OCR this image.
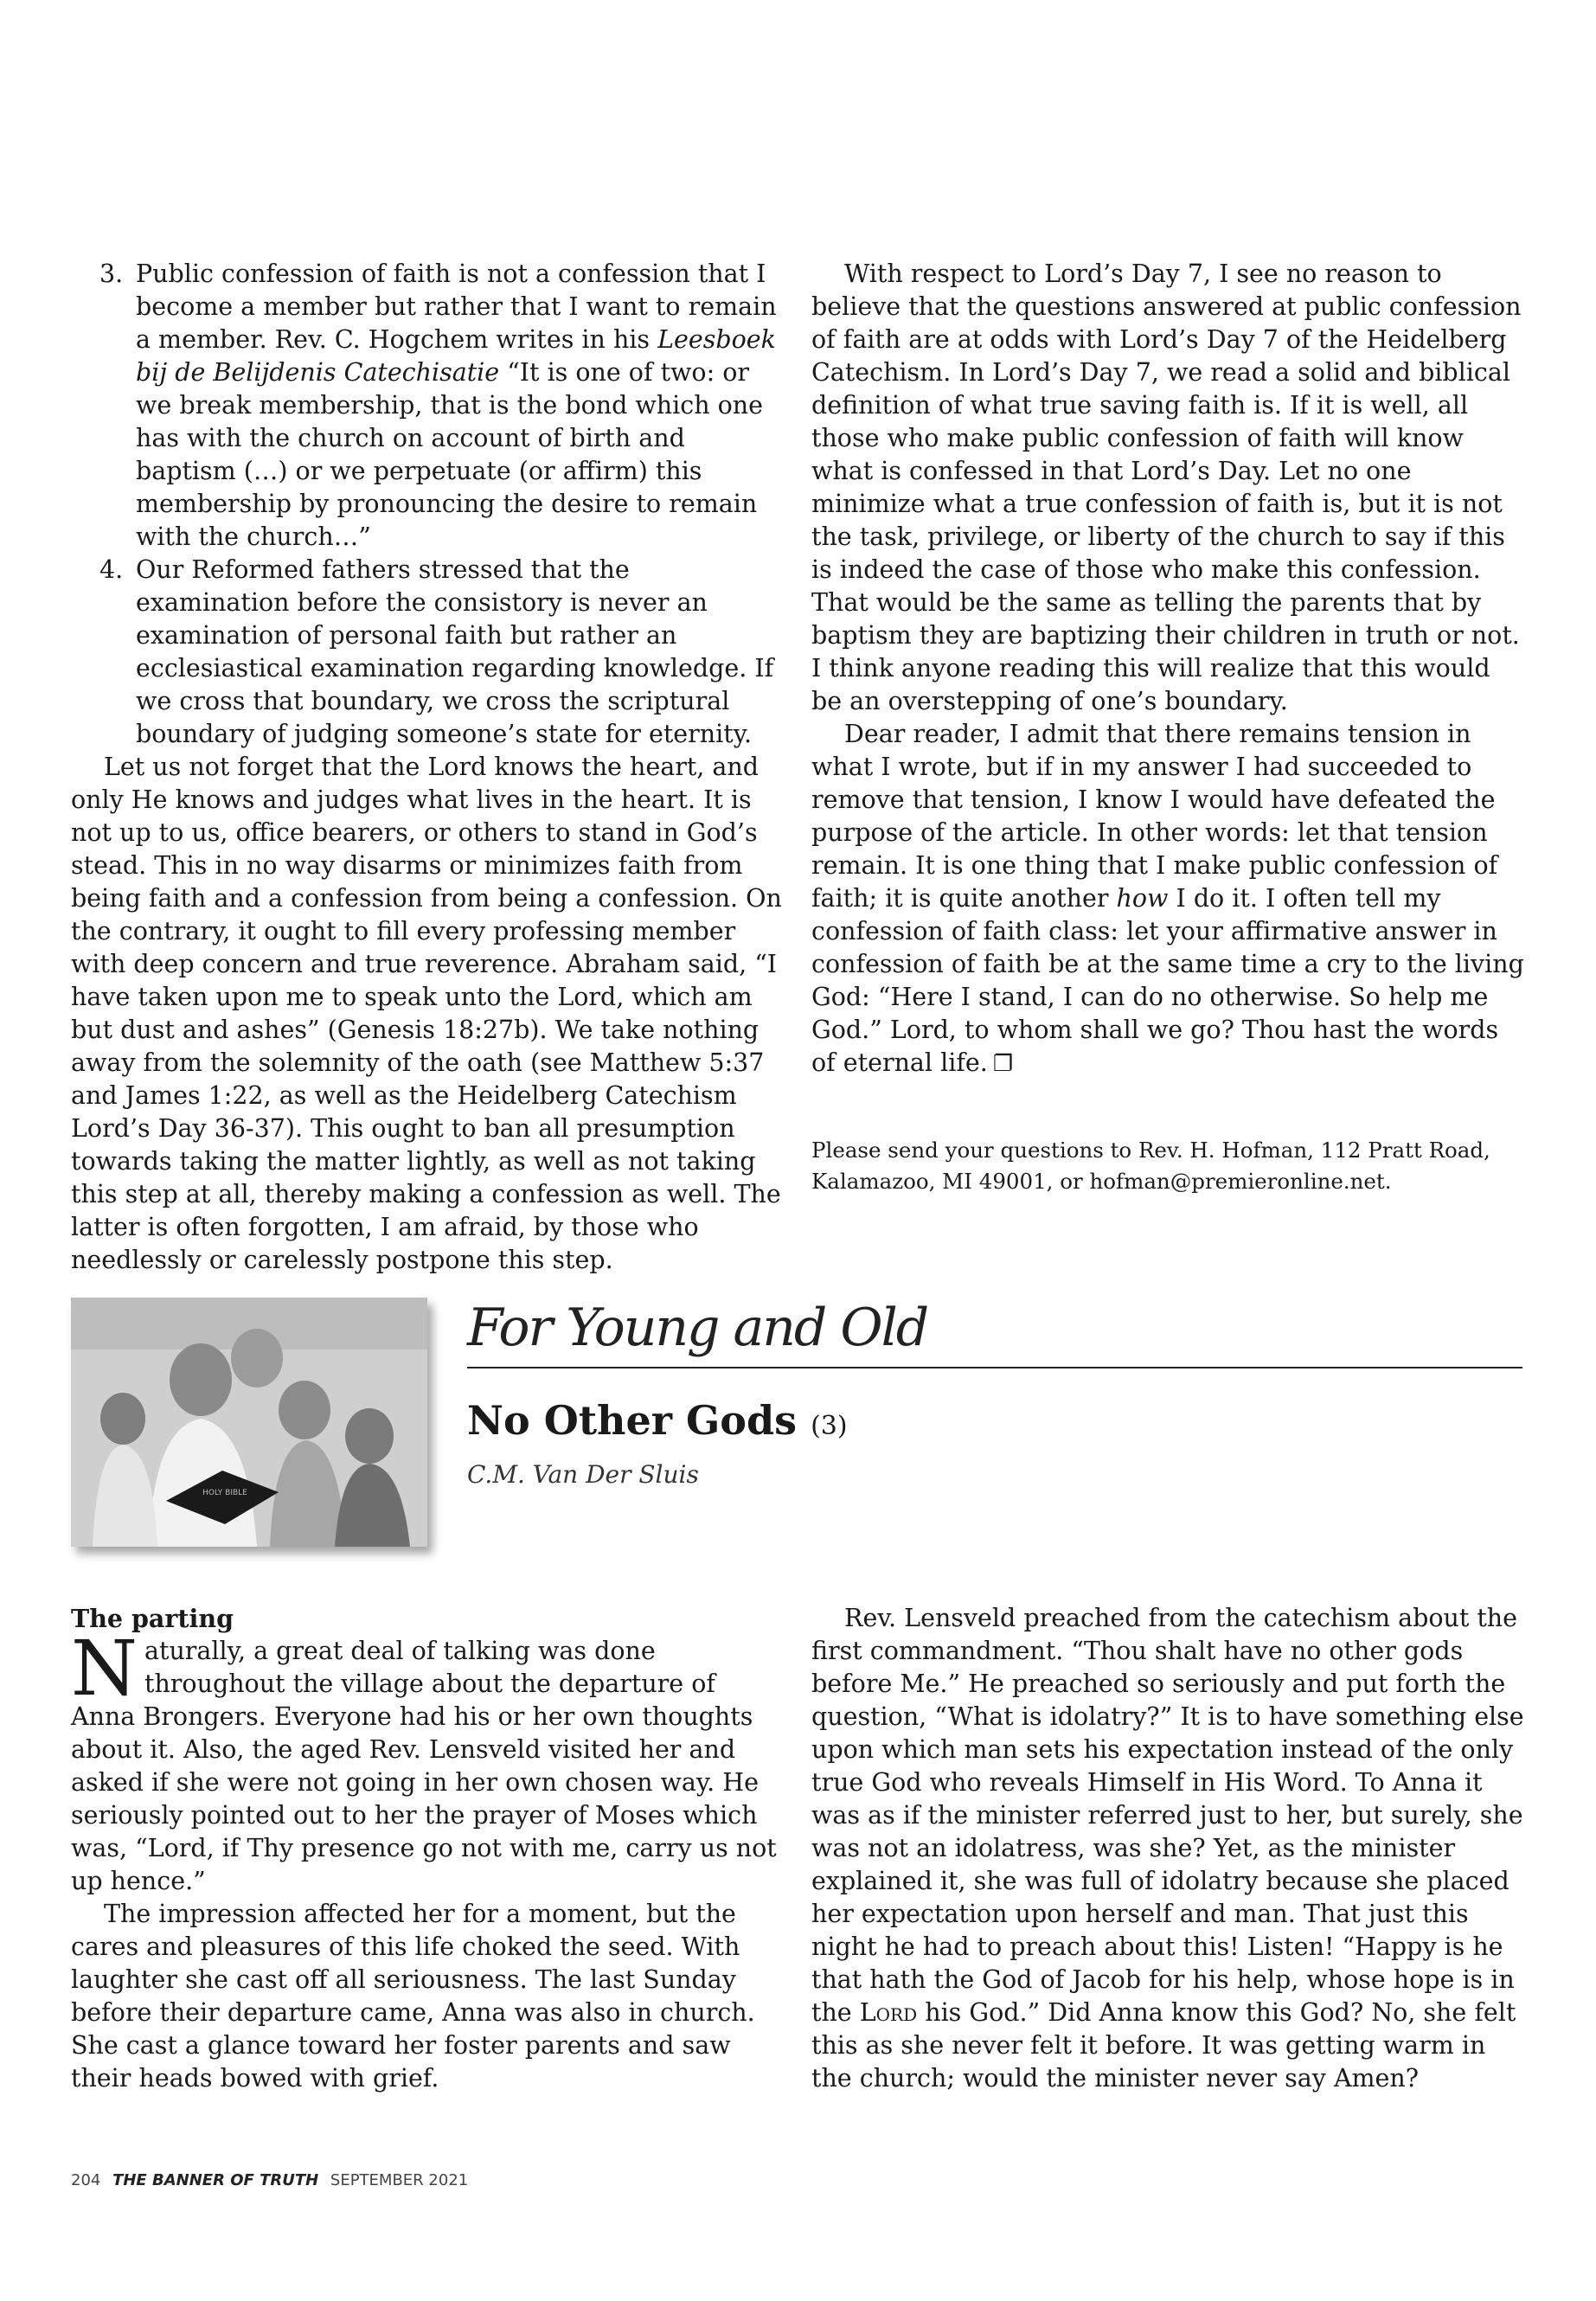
3. Public confession of faith is not a confession that I become a member but rather that I want to remain a member. Rev. C. Hogchem writes in his Leesboek bij de Belijdenis Catechisatie “It is one of two: or we break membership, that is the bond which one has with the church on account of birth and baptism (…) or we perpetuate (or affirm) this membership by pronouncing the desire to remain with the church…”
4. Our Reformed fathers stressed that the examination before the consistory is never an examination of personal faith but rather an ecclesiastical examination regarding knowledge. If we cross that boundary, we cross the scriptural boundary of judging someone’s state for eternity.

Let us not forget that the Lord knows the heart, and only He knows and judges what lives in the heart. It is not up to us, office bearers, or others to stand in God’s stead. This in no way disarms or minimizes faith from being faith and a confession from being a confession. On the contrary, it ought to fill every professing member with deep concern and true reverence. Abraham said, “I have taken upon me to speak unto the Lord, which am but dust and ashes” (Genesis 18:27b). We take nothing away from the solemnity of the oath (see Matthew 5:37 and James 1:22, as well as the Heidelberg Catechism Lord’s Day 36-37). This ought to ban all presumption towards taking the matter lightly, as well as not taking this step at all, thereby making a confession as well. The latter is often forgotten, I am afraid, by those who needlessly or carelessly postpone this step.

With respect to Lord’s Day 7, I see no reason to believe that the questions answered at public confession of faith are at odds with Lord’s Day 7 of the Heidelberg Catechism. In Lord’s Day 7, we read a solid and biblical definition of what true saving faith is. If it is well, all those who make public confession of faith will know what is confessed in that Lord’s Day. Let no one minimize what a true confession of faith is, but it is not the task, privilege, or liberty of the church to say if this is indeed the case of those who make this confession. That would be the same as telling the parents that by baptism they are baptizing their children in truth or not. I think anyone reading this will realize that this would be an overstepping of one’s boundary.

Dear reader, I admit that there remains tension in what I wrote, but if in my answer I had succeeded to remove that tension, I know I would have defeated the purpose of the article. In other words: let that tension remain. It is one thing that I make public confession of faith; it is quite another how I do it. I often tell my confession of faith class: let your affirmative answer in confession of faith be at the same time a cry to the living God: “Here I stand, I can do no otherwise. So help me God.” Lord, to whom shall we go? Thou hast the words of eternal life. ❐

Please send your questions to Rev. H. Hofman, 112 Pratt Road, Kalamazoo, MI 49001, or hofman@premieronline.net.
HOLY BIBLE
For Young and Old
No Other Gods (3)
C.M. Van Der Sluis

The parting

Naturally, a great deal of talking was done throughout the village about the departure of Anna Brongers. Everyone had his or her own thoughts about it. Also, the aged Rev. Lensveld visited her and asked if she were not going in her own chosen way. He seriously pointed out to her the prayer of Moses which was, “Lord, if Thy presence go not with me, carry us not up hence.”

The impression affected her for a moment, but the cares and pleasures of this life choked the seed. With laughter she cast off all seriousness. The last Sunday before their departure came, Anna was also in church. She cast a glance toward her foster parents and saw their heads bowed with grief.

Rev. Lensveld preached from the catechism about the first commandment. “Thou shalt have no other gods before Me.” He preached so seriously and put forth the question, “What is idolatry?” It is to have something else upon which man sets his expectation instead of the only true God who reveals Himself in His Word. To Anna it was as if the minister referred just to her, but surely, she was not an idolatress, was she? Yet, as the minister explained it, she was full of idolatry because she placed her expectation upon herself and man. That just this night he had to preach about this! Listen! “Happy is he that hath the God of Jacob for his help, whose hope is in the Lord his God.” Did Anna know this God? No, she felt this as she never felt it before. It was getting warm in the church; would the minister never say Amen?

204 THE BANNER OF TRUTH SEPTEMBER 2021
